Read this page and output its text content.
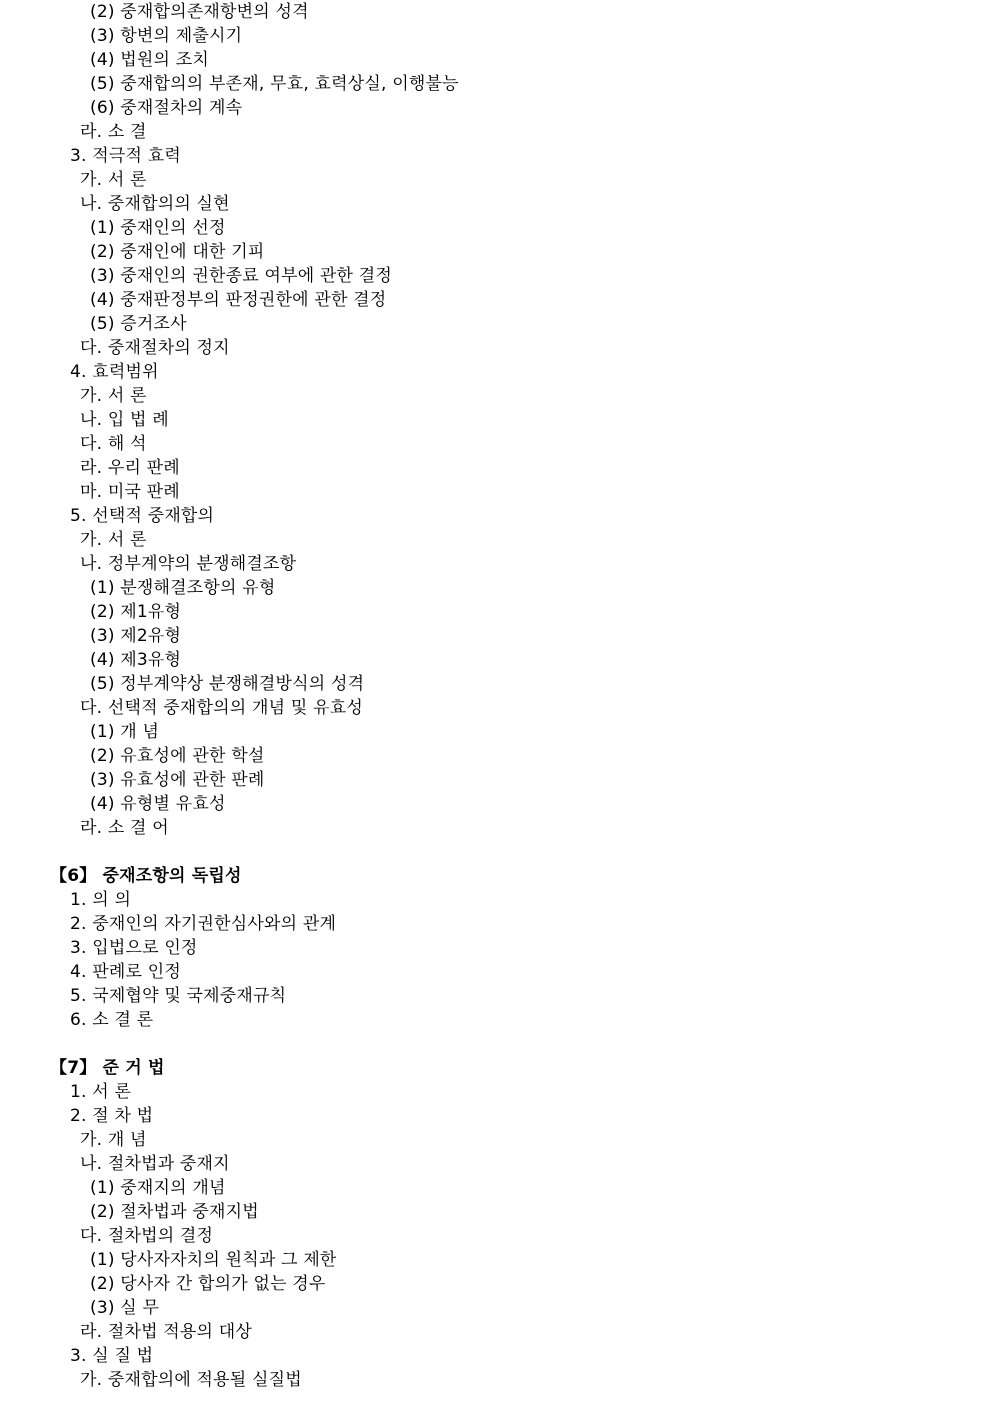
(2) 중재합의존재항변의 성격
(3) 항변의 제출시기
(4) 법원의 조치
(5) 중재합의의 부존재, 무효, 효력상실, 이행불능
(6) 중재절차의 계속
라. 소 결
3. 적극적 효력
가. 서 론
나. 중재합의의 실현
(1) 중재인의 선정
(2) 중재인에 대한 기피
(3) 중재인의 권한종료 여부에 관한 결정
(4) 중재판정부의 판정권한에 관한 결정
(5) 증거조사
다. 중재절차의 정지
4. 효력범위
가. 서 론
나. 입 법 례
다. 해 석
라. 우리 판례
마. 미국 판례
5. 선택적 중재합의
가. 서 론
나. 정부계약의 분쟁해결조항
(1) 분쟁해결조항의 유형
(2) 제1유형
(3) 제2유형
(4) 제3유형
(5) 정부계약상 분쟁해결방식의 성격
다. 선택적 중재합의의 개념 및 유효성
(1) 개 념
(2) 유효성에 관한 학설
(3) 유효성에 관한 판례
(4) 유형별 유효성
라. 소 결 어
【6】 중재조항의 독립성
1. 의 의
2. 중재인의 자기권한심사와의 관계
3. 입법으로 인정
4. 판례로 인정
5. 국제협약 및 국제중재규칙
6. 소 결 론
【7】 준 거 법
1. 서 론
2. 절 차 법
가. 개 념
나. 절차법과 중재지
(1) 중재지의 개념
(2) 절차법과 중재지법
다. 절차법의 결정
(1) 당사자자치의 원칙과 그 제한
(2) 당사자 간 합의가 없는 경우
(3) 실 무
라. 절차법 적용의 대상
3. 실 질 법
가. 중재합의에 적용될 실질법
